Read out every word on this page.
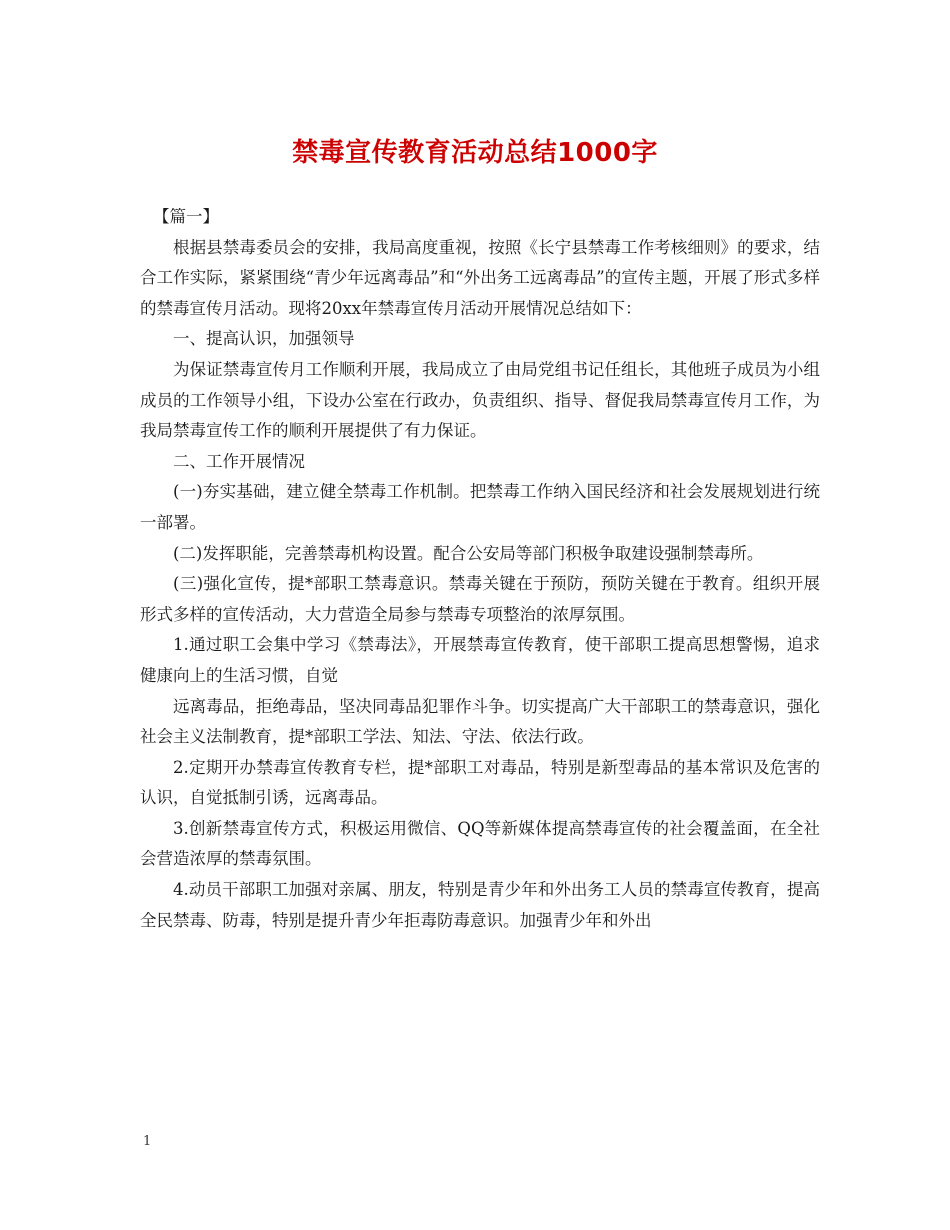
禁毒宣传教育活动总结1000字

【篇一】

根据县禁毒委员会的安排，我局高度重视，按照《长宁县禁毒工作考核细则》的要求，结合工作实际，紧紧围绕“青少年远离毒品”和“外出务工远离毒品”的宣传主题，开展了形式多样的禁毒宣传月活动。现将20xx年禁毒宣传月活动开展情况总结如下：

一、提高认识，加强领导

为保证禁毒宣传月工作顺利开展，我局成立了由局党组书记任组长，其他班子成员为小组成员的工作领导小组，下设办公室在行政办，负责组织、指导、督促我局禁毒宣传月工作，为我局禁毒宣传工作的顺利开展提供了有力保证。

二、工作开展情况

(一)夯实基础，建立健全禁毒工作机制。把禁毒工作纳入国民经济和社会发展规划进行统一部署。

(二)发挥职能，完善禁毒机构设置。配合公安局等部门积极争取建设强制禁毒所。

(三)强化宣传，提*部职工禁毒意识。禁毒关键在于预防，预防关键在于教育。组织开展形式多样的宣传活动，大力营造全局参与禁毒专项整治的浓厚氛围。

1.通过职工会集中学习《禁毒法》，开展禁毒宣传教育，使干部职工提高思想警惕，追求健康向上的生活习惯，自觉

远离毒品，拒绝毒品，坚决同毒品犯罪作斗争。切实提高广大干部职工的禁毒意识，强化社会主义法制教育，提*部职工学法、知法、守法、依法行政。

2.定期开办禁毒宣传教育专栏，提*部职工对毒品，特别是新型毒品的基本常识及危害的认识，自觉抵制引诱，远离毒品。

3.创新禁毒宣传方式，积极运用微信、QQ等新媒体提高禁毒宣传的社会覆盖面，在全社会营造浓厚的禁毒氛围。

4.动员干部职工加强对亲属、朋友，特别是青少年和外出务工人员的禁毒宣传教育，提高全民禁毒、防毒，特别是提升青少年拒毒防毒意识。加强青少年和外出

1
